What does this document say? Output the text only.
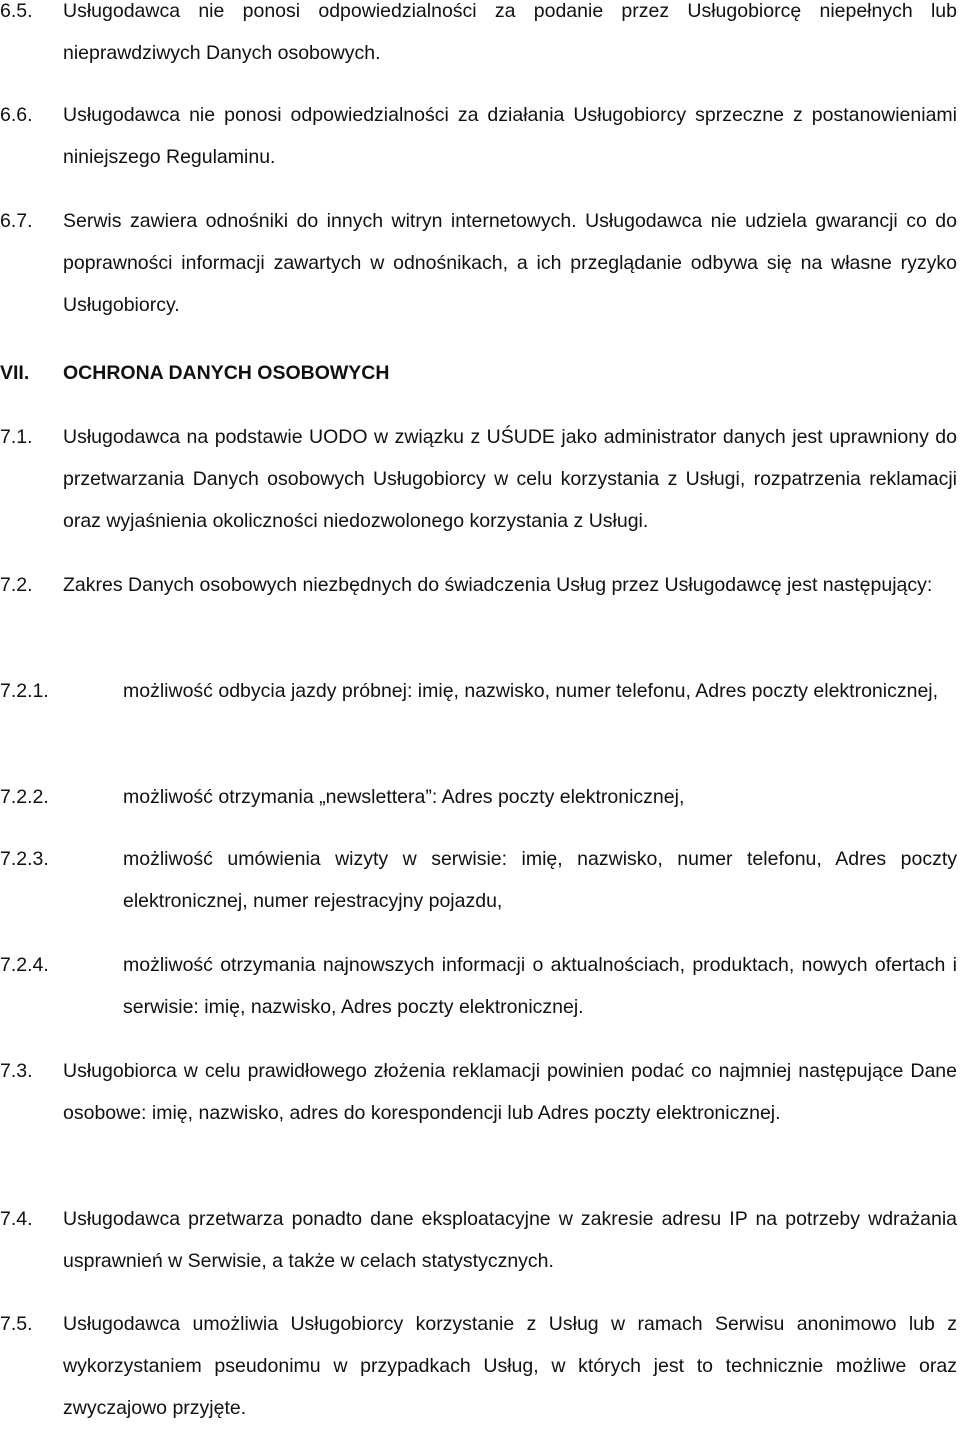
6.5. Usługodawca nie ponosi odpowiedzialności za podanie przez Usługobiorcę niepełnych lub nieprawdziwych Danych osobowych.
6.6. Usługodawca nie ponosi odpowiedzialności za działania Usługobiorcy sprzeczne z postanowieniami niniejszego Regulaminu.
6.7. Serwis zawiera odnośniki do innych witryn internetowych. Usługodawca nie udziela gwarancji co do poprawności informacji zawartych w odnośnikach, a ich przeglądanie odbywa się na własne ryzyko Usługobiorcy.
VII. OCHRONA DANYCH OSOBOWYCH
7.1. Usługodawca na podstawie UODO w związku z UŚUDE jako administrator danych jest uprawniony do przetwarzania Danych osobowych Usługobiorcy w celu korzystania z Usługi, rozpatrzenia reklamacji oraz wyjaśnienia okoliczności niedozwolonego korzystania z Usługi.
7.2. Zakres Danych osobowych niezbędnych do świadczenia Usług przez Usługodawcę jest następujący:
7.2.1.	możliwość odbycia jazdy próbnej: imię, nazwisko, numer telefonu, Adres poczty elektronicznej,
7.2.2.	możliwość otrzymania „newslettera”: Adres poczty elektronicznej,
7.2.3.	możliwość umówienia wizyty w serwisie: imię, nazwisko, numer telefonu, Adres poczty elektronicznej, numer rejestracyjny pojazdu,
7.2.4.	możliwość otrzymania najnowszych informacji o aktualnościach, produktach, nowych ofertach i serwisie: imię, nazwisko, Adres poczty elektronicznej.
7.3. Usługobiorca w celu prawidłowego złożenia reklamacji powinien podać co najmniej następujące Dane osobowe: imię, nazwisko, adres do korespondencji lub Adres poczty elektronicznej.
7.4. Usługodawca przetwarza ponadto dane eksploatacyjne w zakresie adresu IP na potrzeby wdrażania usprawnień w Serwisie, a także w celach statystycznych.
7.5. Usługodawca umożliwia Usługobiorcy korzystanie z Usług w ramach Serwisu anonimowo lub z wykorzystaniem pseudonimu w przypadkach Usług, w których jest to technicznie możliwe oraz zwyczajowo przyjęte.
